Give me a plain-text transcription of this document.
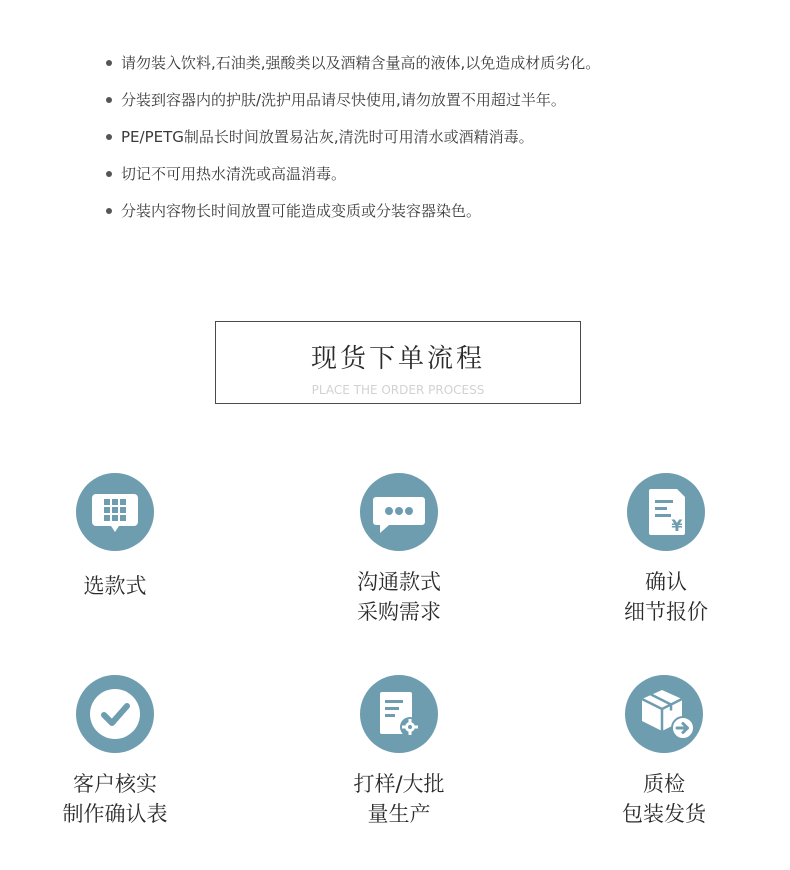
请勿装入饮料,石油类,强酸类以及酒精含量高的液体,以免造成材质劣化。
分装到容器内的护肤/洗护用品请尽快使用,请勿放置不用超过半年。
PE/PETG制品长时间放置易沾灰,清洗时可用清水或酒精消毒。
切记不可用热水清洗或高温消毒。
分装内容物长时间放置可能造成变质或分装容器染色。
现货下单流程
PLACE THE ORDER PROCESS
选款式	沟通款式
采购需求
¥
确认
细节报价
客户核实
制作确认表
打样/大批
量生产
质检
包装发货
